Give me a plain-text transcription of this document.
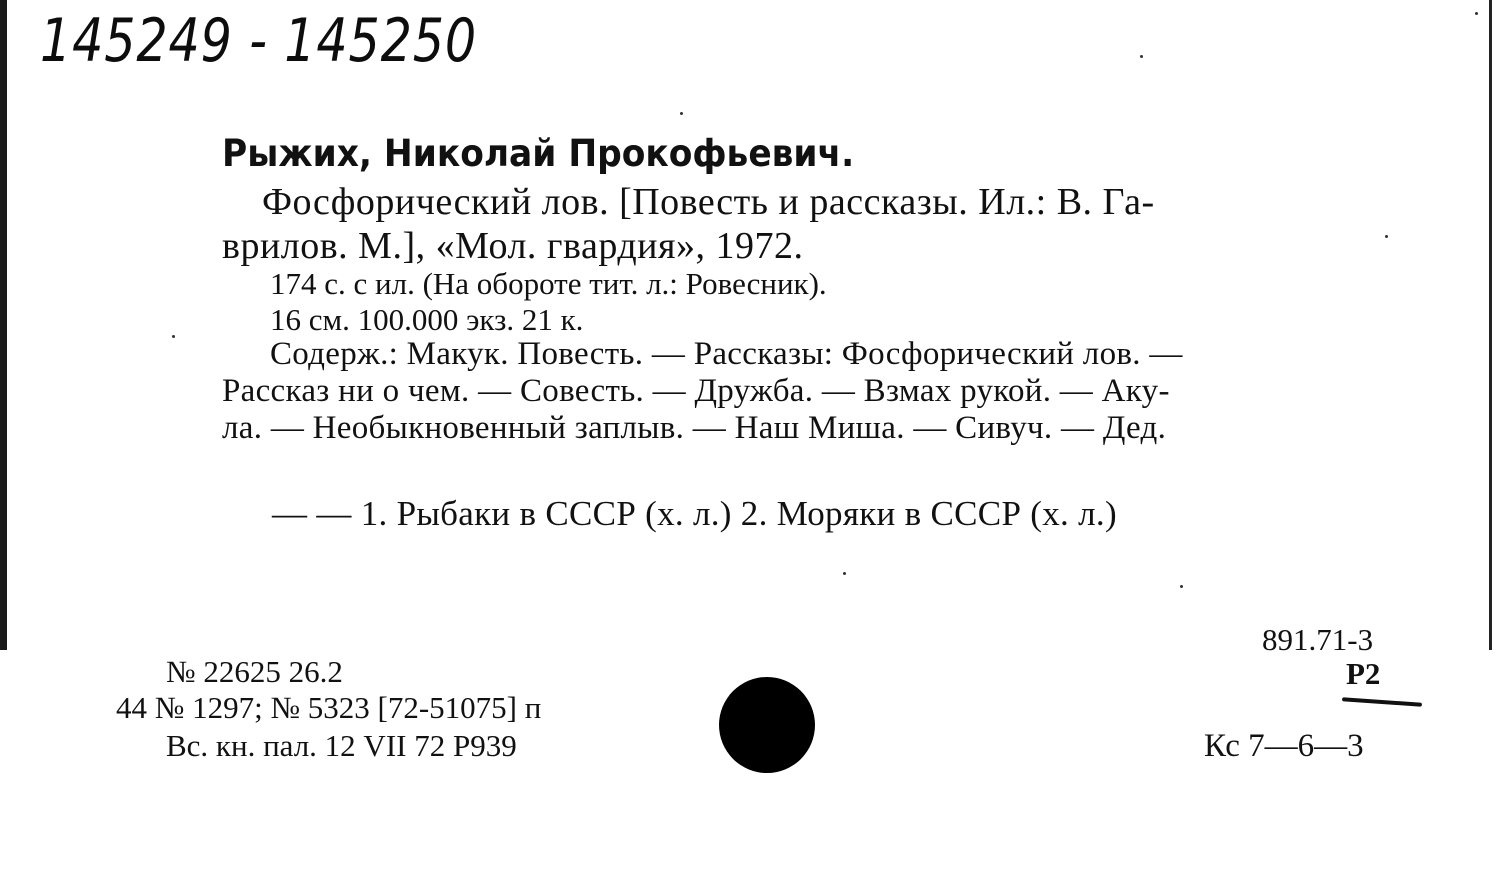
145249 - 145250
Рыжих, Николай Прокофьевич.
Фосфорический лов. [Повесть и рассказы. Ил.: В. Га-
врилов. М.], «Мол. гвардия», 1972.
174 с. с ил. (На обороте тит. л.: Ровесник).
16 см. 100.000 экз. 21 к.
Содерж.: Макук. Повесть. — Рассказы: Фосфорический лов. —
Рассказ ни о чем. — Совесть. — Дружба. — Взмах рукой. — Аку-
ла. — Необыкновенный заплыв. — Наш Миша. — Сивуч. — Дед.
— — 1. Рыбаки в СССР (х. л.) 2. Моряки в СССР (х. л.)
№ 22625 26.2
44 № 1297; № 5323 [72-51075] п
Вс. кн. пал. 12 VII 72 Р939
891.71-3
Р2
Кс 7—6—3
